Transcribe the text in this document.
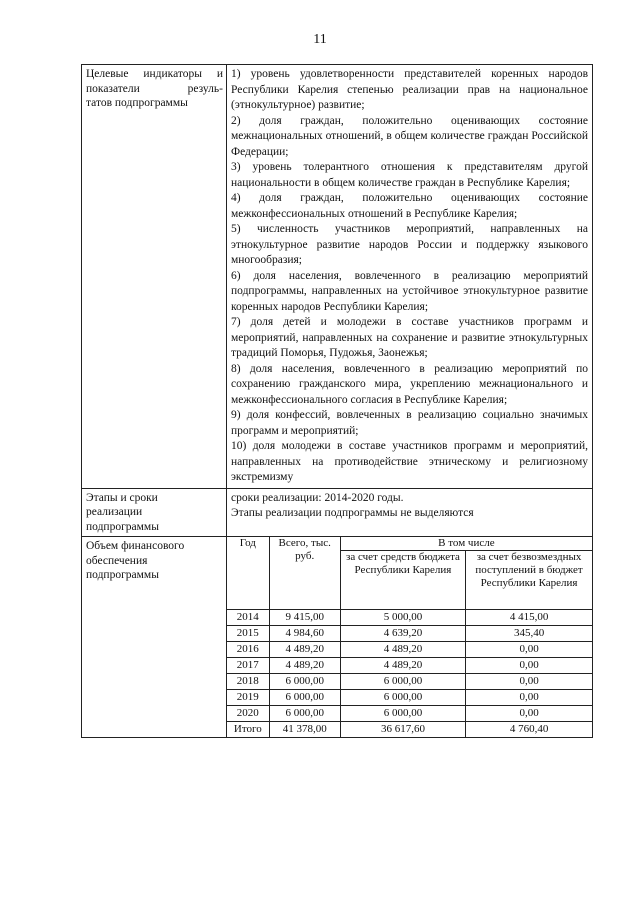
11
Целевые индикаторы и
показатели резуль-
татов подпрограммы

1) уровень удовлетворенности представителей коренных народов Республики Карелия степенью реализации прав на национальное (этнокультурное) развитие;
2) доля граждан, положительно оценивающих состояние межнациональных отношений, в общем количестве граждан Российской Федерации;
3) уровень толерантного отношения к представителям другой национальности в общем количестве граждан в Республике Карелия;
4) доля граждан, положительно оценивающих состояние межконфессиональных отношений в Республике Карелия;
5) численность участников мероприятий, направленных на этнокультурное развитие народов России и поддержку языкового многообразия;
6) доля населения, вовлеченного в реализацию мероприятий подпрограммы, направленных на устойчивое этнокультурное развитие коренных народов Республики Карелия;
7) доля детей и молодежи в составе участников программ и мероприятий, направленных на сохранение и развитие этнокультурных традиций Поморья, Пудожья, Заонежья;
8) доля населения, вовлеченного в реализацию мероприятий по сохранению гражданского мира, укреплению межнационального и межконфессионального согласия в Республике Карелия;
9) доля конфессий, вовлеченных в реализацию социально значимых программ и мероприятий;
10) доля молодежи в составе участников программ и мероприятий, направленных на противодействие этническому и религиозному экстремизму

Этапы и сроки
реализации
подпрограммы

сроки реализации: 2014-2020 годы.
Этапы реализации подпрограммы не выделяются

Объем финансового
обеспечения
подпрограммы

Год	Всего, тыс. руб.	В том числе
за счет средств бюджета Республики Карелия	за счет безвозмездных поступлений в бюджет Республики Карелия
2014	9 415,00	5 000,00	4 415,00
2015	4 984,60	4 639,20	345,40
2016	4 489,20	4 489,20	0,00
2017	4 489,20	4 489,20	0,00
2018	6 000,00	6 000,00	0,00
2019	6 000,00	6 000,00	0,00
2020	6 000,00	6 000,00	0,00
Итого	41 378,00	36 617,60	4 760,40
